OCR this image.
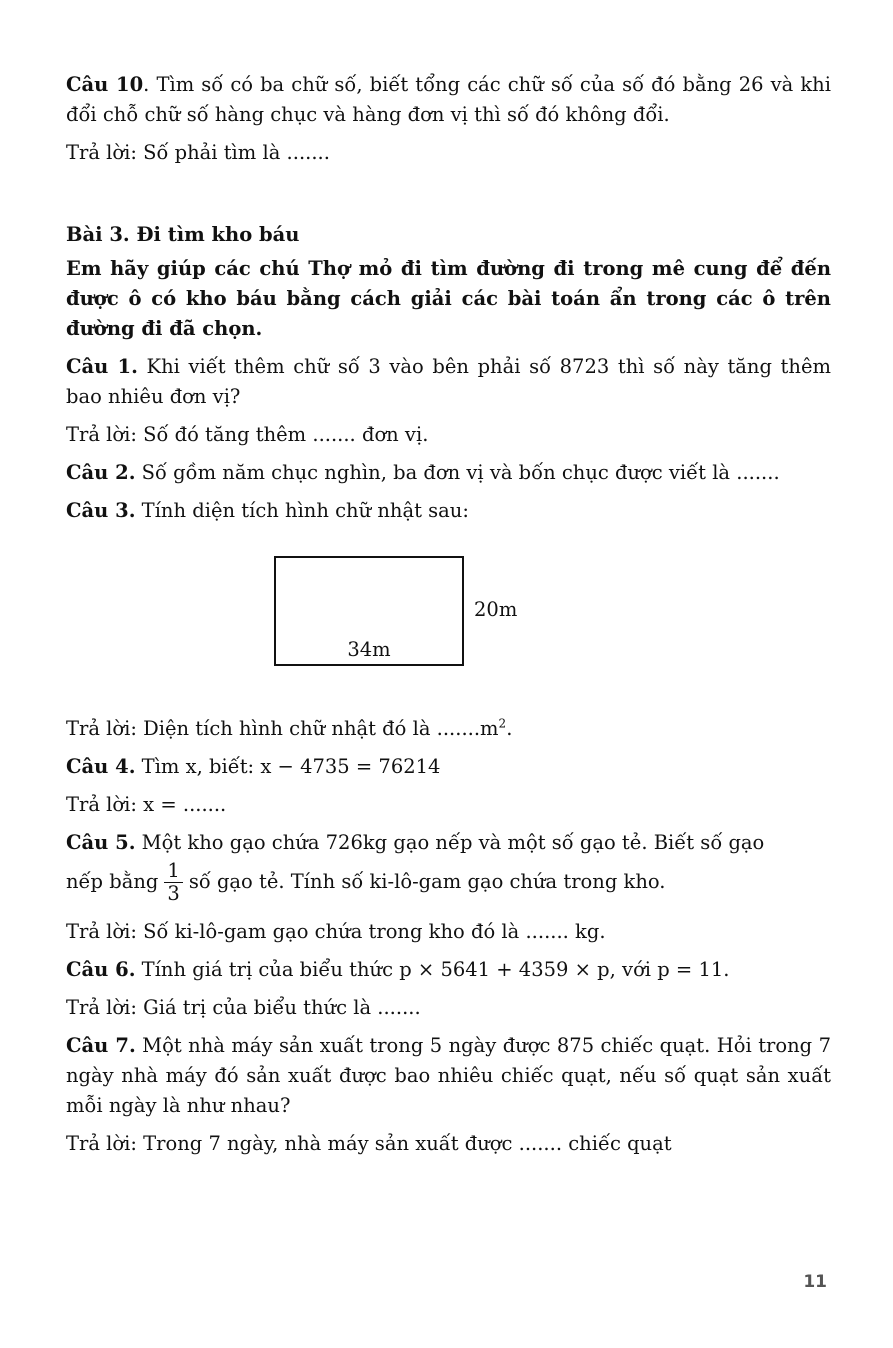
Câu 10. Tìm số có ba chữ số, biết tổng các chữ số của số đó bằng 26 và khi đổi chỗ chữ số hàng chục và hàng đơn vị thì số đó không đổi.

Trả lời: Số phải tìm là .......

Bài 3. Đi tìm kho báu

Em hãy giúp các chú Thợ mỏ đi tìm đường đi trong mê cung để đến được ô có kho báu bằng cách giải các bài toán ẩn trong các ô trên đường đi đã chọn.

Câu 1. Khi viết thêm chữ số 3 vào bên phải số 8723 thì số này tăng thêm bao nhiêu đơn vị?

Trả lời: Số đó tăng thêm ....... đơn vị.

Câu 2. Số gồm năm chục nghìn, ba đơn vị và bốn chục được viết là .......

Câu 3. Tính diện tích hình chữ nhật sau:

34m
20m

Trả lời: Diện tích hình chữ nhật đó là $.......m^2$.

Câu 4. Tìm x, biết: x − 4735 = 76214

Trả lời: x = .......

Câu 5. Một kho gạo chứa 726kg gạo nếp và một số gạo tẻ. Biết số gạo

nếp bằng $\frac{1}{3}$ số gạo tẻ. Tính số ki-lô-gam gạo chứa trong kho.

Trả lời: Số ki-lô-gam gạo chứa trong kho đó là ....... kg.

Câu 6. Tính giá trị của biểu thức p × 5641 + 4359 × p, với p = 11.

Trả lời: Giá trị của biểu thức là .......

Câu 7. Một nhà máy sản xuất trong 5 ngày được 875 chiếc quạt. Hỏi trong 7 ngày nhà máy đó sản xuất được bao nhiêu chiếc quạt, nếu số quạt sản xuất mỗi ngày là như nhau?

Trả lời: Trong 7 ngày, nhà máy sản xuất được ....... chiếc quạt

11
